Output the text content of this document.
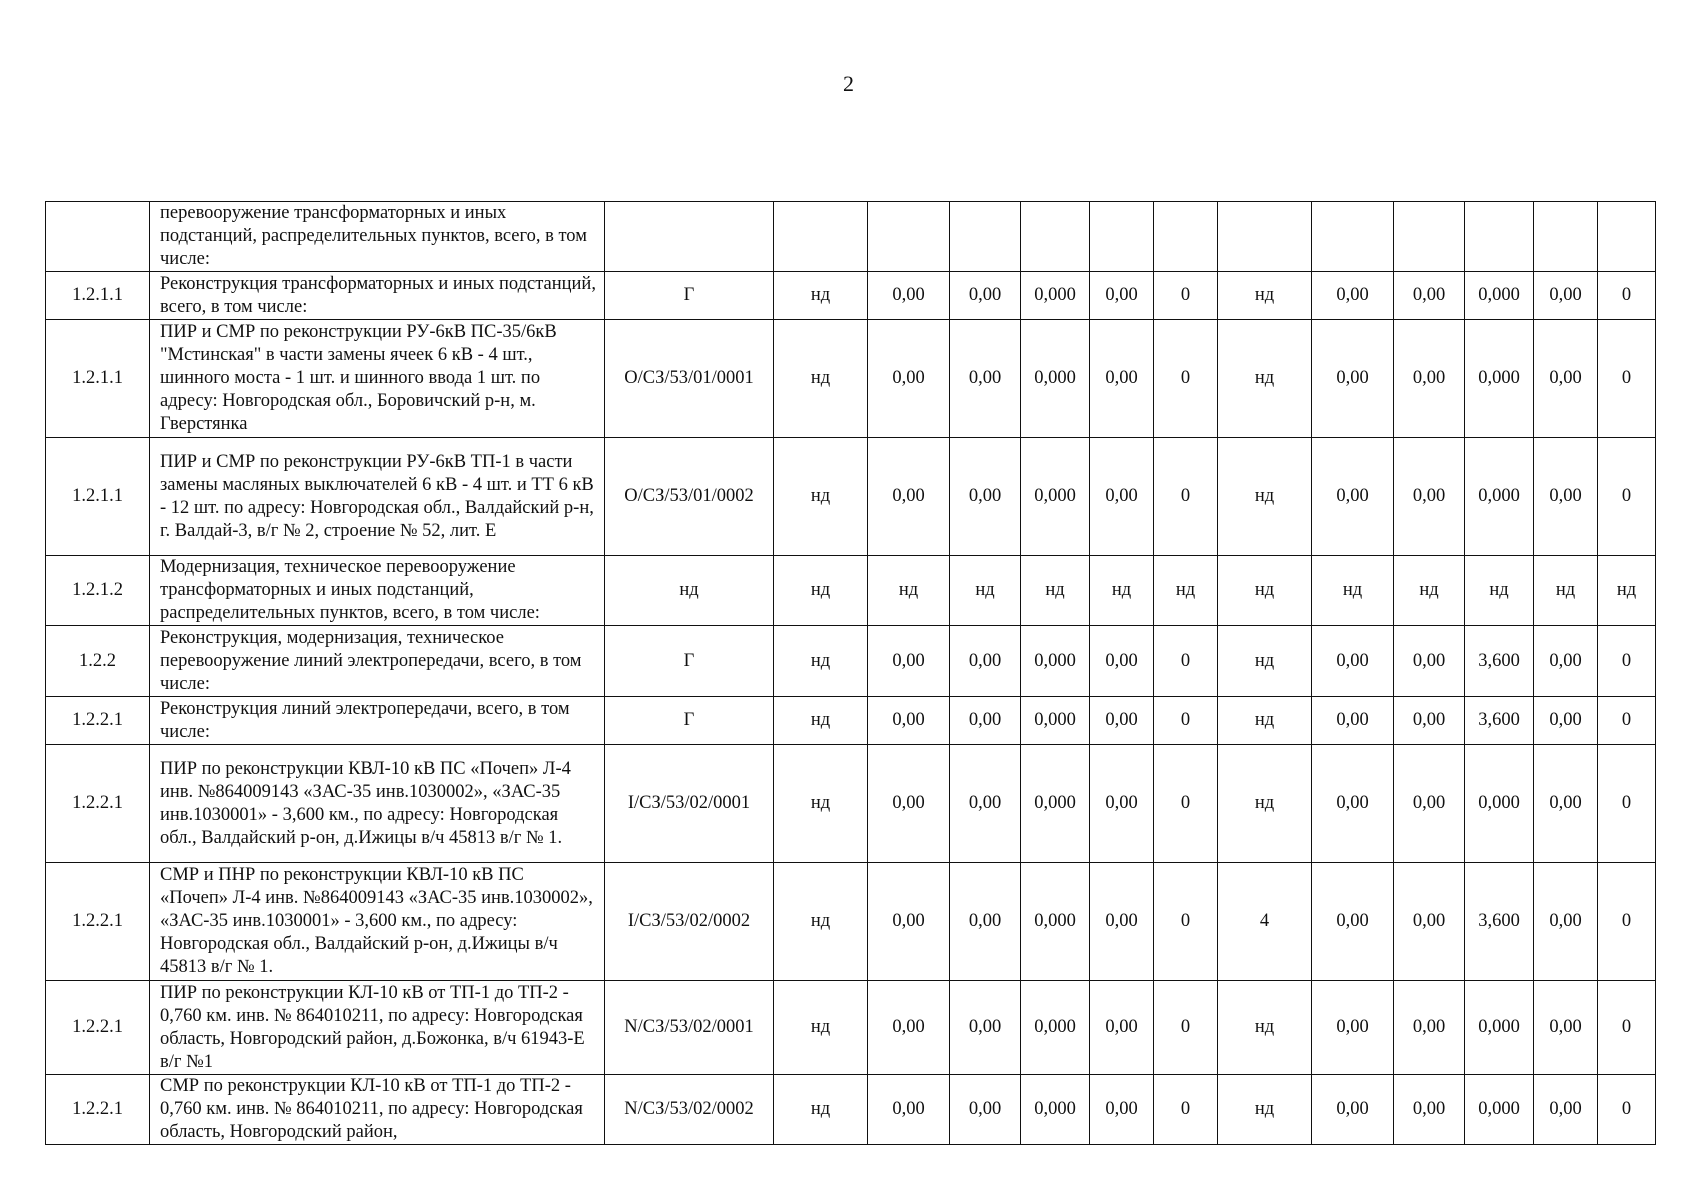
2
	перевооружение трансформаторных и иных подстанций, распределительных пунктов, всего, в том числе:													
1.2.1.1	Реконструкция трансформаторных и иных подстанций, всего, в том числе:	Г	нд	0,00	0,00	0,000	0,00	0	нд	0,00	0,00	0,000	0,00	0
1.2.1.1	ПИР и СМР по реконструкции РУ-6кВ ПС-35/6кВ "Мстинская" в части замены ячеек 6 кВ - 4 шт., шинного моста - 1 шт. и шинного ввода 1 шт. по адресу: Новгородская обл., Боровичский р-н, м. Гверстянка	O/СЗ/53/01/0001	нд	0,00	0,00	0,000	0,00	0	нд	0,00	0,00	0,000	0,00	0
1.2.1.1	ПИР и СМР по реконструкции РУ-6кВ ТП-1 в части замены масляных выключателей 6 кВ - 4 шт. и ТТ 6 кВ - 12 шт. по адресу: Новгородская обл., Валдайский р-н, г. Валдай-3, в/г № 2, строение № 52, лит. Е	O/СЗ/53/01/0002	нд	0,00	0,00	0,000	0,00	0	нд	0,00	0,00	0,000	0,00	0
1.2.1.2	Модернизация, техническое перевооружение трансформаторных и иных подстанций, распределительных пунктов, всего, в том числе:	нд	нд	нд	нд	нд	нд	нд	нд	нд	нд	нд	нд	нд
1.2.2	Реконструкция, модернизация, техническое перевооружение линий электропередачи, всего, в том числе:	Г	нд	0,00	0,00	0,000	0,00	0	нд	0,00	0,00	3,600	0,00	0
1.2.2.1	Реконструкция линий электропередачи, всего, в том числе:	Г	нд	0,00	0,00	0,000	0,00	0	нд	0,00	0,00	3,600	0,00	0
1.2.2.1	ПИР по реконструкции КВЛ-10 кВ ПС «Почеп» Л-4 инв. №864009143 «ЗАС-35 инв.1030002», «ЗАС-35 инв.1030001» - 3,600 км., по адресу: Новгородская обл., Валдайский р-он, д.Ижицы в/ч 45813 в/г № 1.	I/СЗ/53/02/0001	нд	0,00	0,00	0,000	0,00	0	нд	0,00	0,00	0,000	0,00	0
1.2.2.1	СМР и ПНР по реконструкции КВЛ-10 кВ ПС «Почеп» Л-4 инв. №864009143 «ЗАС-35 инв.1030002», «ЗАС-35 инв.1030001» - 3,600 км., по адресу: Новгородская обл., Валдайский р-он, д.Ижицы в/ч 45813 в/г № 1.	I/СЗ/53/02/0002	нд	0,00	0,00	0,000	0,00	0	4	0,00	0,00	3,600	0,00	0
1.2.2.1	ПИР по реконструкции КЛ-10 кВ от ТП-1 до ТП-2 - 0,760 км. инв. № 864010211, по адресу: Новгородская область, Новгородский район, д.Божонка, в/ч 61943-Е в/г №1	N/СЗ/53/02/0001	нд	0,00	0,00	0,000	0,00	0	нд	0,00	0,00	0,000	0,00	0
1.2.2.1	СМР по реконструкции КЛ-10 кВ от ТП-1 до ТП-2 - 0,760 км. инв. № 864010211, по адресу: Новгородская область, Новгородский район,	N/СЗ/53/02/0002	нд	0,00	0,00	0,000	0,00	0	нд	0,00	0,00	0,000	0,00	0
